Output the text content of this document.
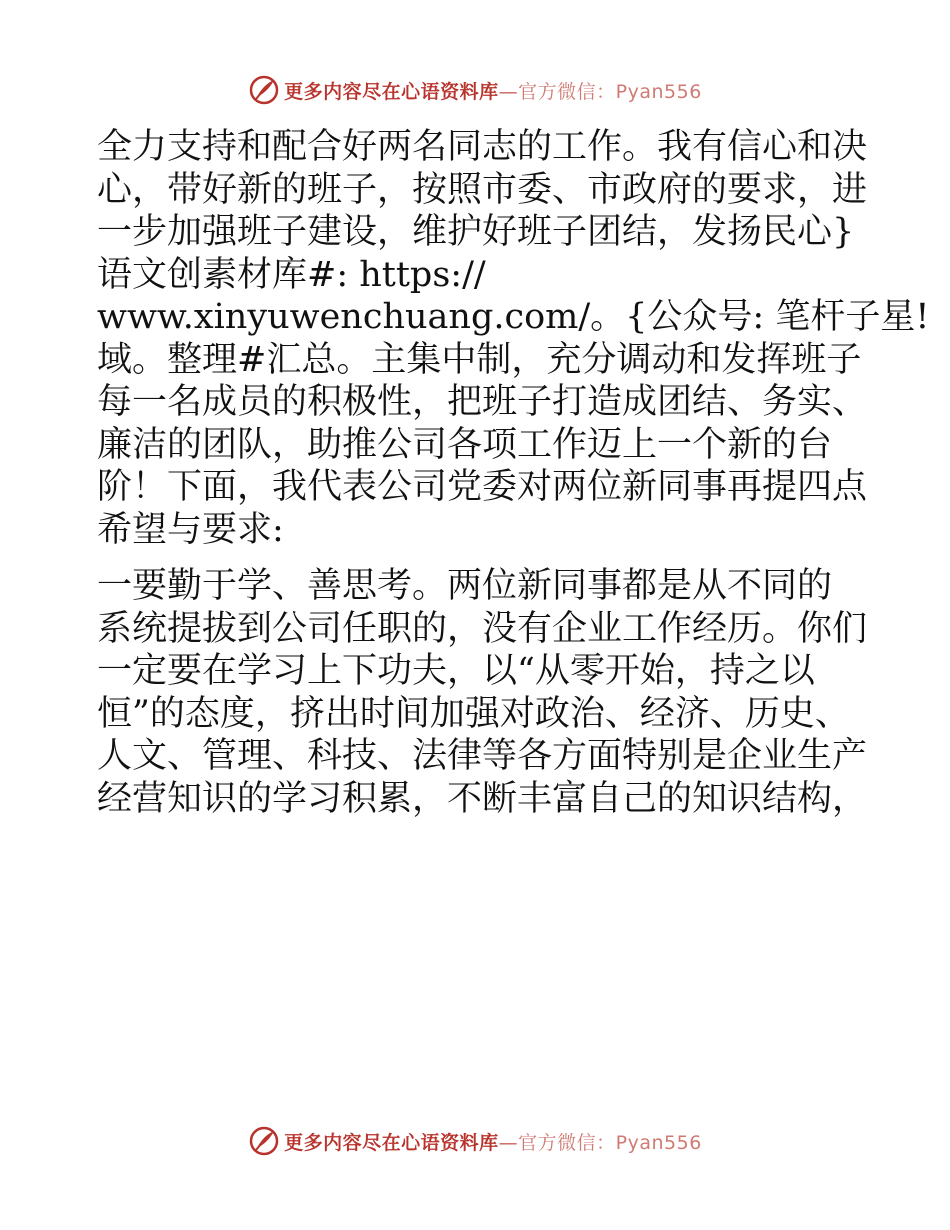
更多内容尽在心语资料库—官方微信：Pyan556

全力支持和配合好两名同志的工作。我有信心和决
心，带好新的班子，按照市委、市政府的要求，进
一步加强班子建设，维护好班子团结，发扬民心}
语文创素材库#: https://
www.xinyuwenchuang.com/。{公众号: 笔杆子星!
域。整理#汇总。主集中制，充分调动和发挥班子
每一名成员的积极性，把班子打造成团结、务实、
廉洁的团队，助推公司各项工作迈上一个新的台
阶！下面，我代表公司党委对两位新同事再提四点
希望与要求:

一要勤于学、善思考。两位新同事都是从不同的
系统提拔到公司任职的，没有企业工作经历。你们
一定要在学习上下功夫，以“从零开始，持之以
恒”的态度，挤出时间加强对政治、经济、历史、
人文、管理、科技、法律等各方面特别是企业生产
经营知识的学习积累，不断丰富自己的知识结构，

更多内容尽在心语资料库—官方微信：Pyan556
